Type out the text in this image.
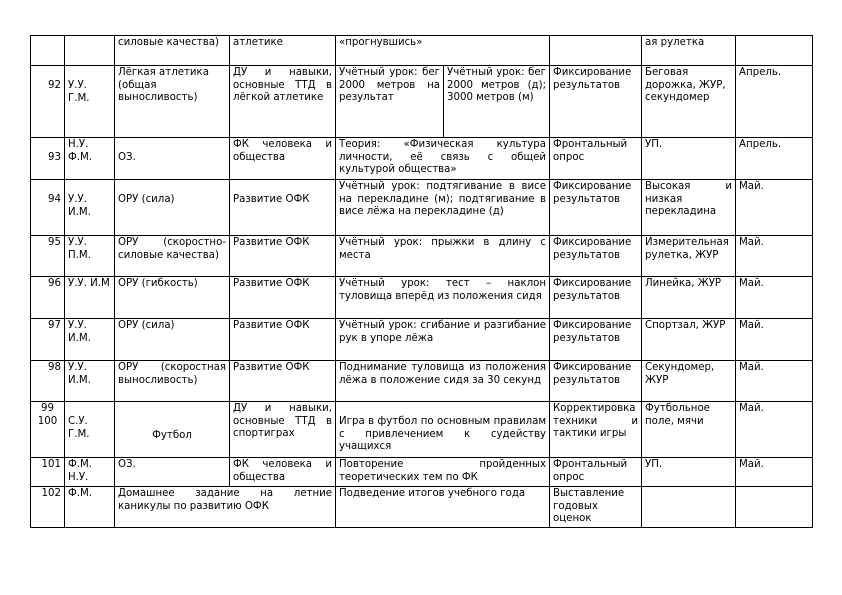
		силовые качества)	атлетике	«прогнувшись»			ая рулетка	
92	У.У. Г.М.	Лёгкая атлетика (общая выносливость)	ДУ и навыки, основные ТТД в лёгкой атлетике	Учётный урок: бег 2000 метров на результат	Учётный урок: бег 2000 метров (д); 3000 метров (м)	Фиксирование результатов	Беговая дорожка, ЖУР, секундомер	Апрель.
93	Н.У. Ф.М.	ОЗ.	ФК человека и общества	Теория: «Физическая культура личности, её связь с общей культурой общества»		Фронтальный опрос	УП.	Апрель.
94	У.У. И.М.	ОРУ (сила)	Развитие ОФК	Учётный урок: подтягивание в висе на перекладине (м); подтягивание в висе лёжа на перекладине (д)		Фиксирование результатов	Высокая и низкая перекладина	Май.
95	У.У. П.М.	ОРУ (скоростно-силовые качества)	Развитие ОФК	Учётный урок: прыжки в длину с места		Фиксирование результатов	Измерительная рулетка, ЖУР	Май.
96	У.У. И.М	ОРУ (гибкость)	Развитие ОФК	Учётный урок: тест – наклон туловища вперёд из положения сидя		Фиксирование результатов	Линейка, ЖУР	Май.
97	У.У. И.М.	ОРУ (сила)	Развитие ОФК	Учётный урок: сгибание и разгибание рук в упоре лёжа		Фиксирование результатов	Спортзал, ЖУР	Май.
98	У.У. И.М.	ОРУ (скоростная выносливость)	Развитие ОФК	Поднимание туловища из положения лёжа в положение сидя за 30 секунд		Фиксирование результатов	Секундомер, ЖУР	Май.
99 100	С.У. Г.М.	Футбол	ДУ и навыки, основные ТТД в спортиграх	Игра в футбол по основным правилам с привлечением к судейству учащихся		Корректировка техники и тактики игры	Футбольное поле, мячи	Май.
101	Ф.М. Н.У.	ОЗ.	ФК человека и общества	Повторение пройденных теоретических тем по ФК		Фронтальный опрос	УП.	Май.
102	Ф.М.	Домашнее задание на летние каникулы по развитию ОФК		Подведение итогов учебного года		Выставление годовых оценок		
